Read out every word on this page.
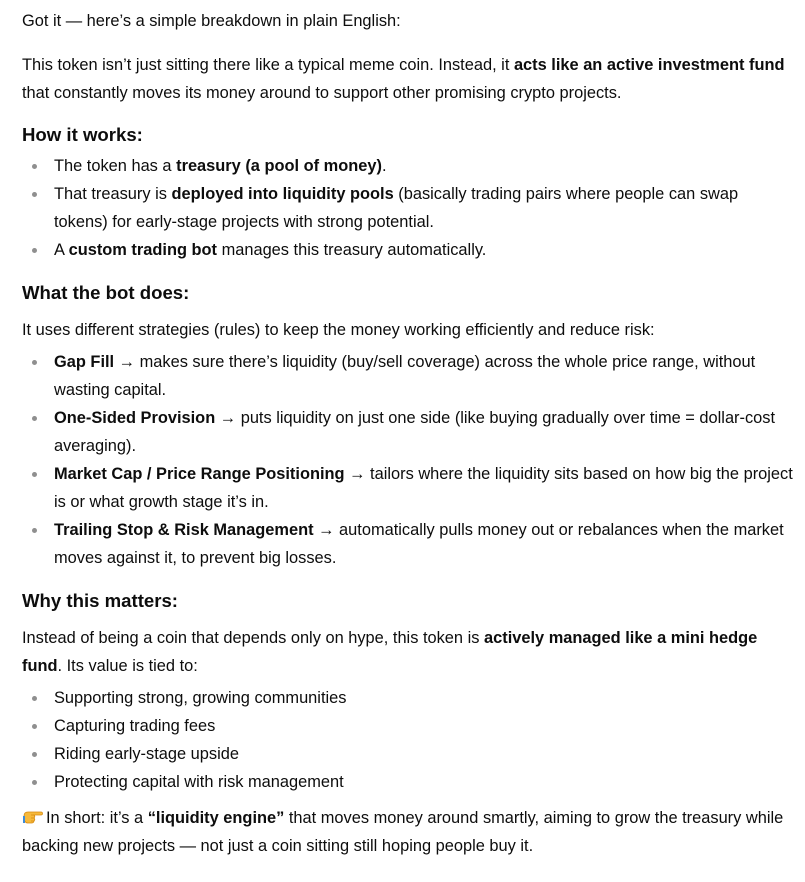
Got it — here’s a simple breakdown in plain English:

This token isn’t just sitting there like a typical meme coin. Instead, it acts like an active investment fund that constantly moves its money around to support other promising crypto projects.

How it works:
The token has a treasury (a pool of money).
That treasury is deployed into liquidity pools (basically trading pairs where people can swap tokens) for early-stage projects with strong potential.
A custom trading bot manages this treasury automatically.
What the bot does:

It uses different strategies (rules) to keep the money working efficiently and reduce risk:

Gap Fill → makes sure there’s liquidity (buy/sell coverage) across the whole price range, without wasting capital.
One-Sided Provision → puts liquidity on just one side (like buying gradually over time = dollar-cost averaging).
Market Cap / Price Range Positioning → tailors where the liquidity sits based on how big the project is or what growth stage it’s in.
Trailing Stop & Risk Management → automatically pulls money out or rebalances when the market moves against it, to prevent big losses.
Why this matters:

Instead of being a coin that depends only on hype, this token is actively managed like a mini hedge fund. Its value is tied to:

Supporting strong, growing communities
Capturing trading fees
Riding early-stage upside
Protecting capital with risk management

In short: it’s a “liquidity engine” that moves money around smartly, aiming to grow the treasury while backing new projects — not just a coin sitting still hoping people buy it.
